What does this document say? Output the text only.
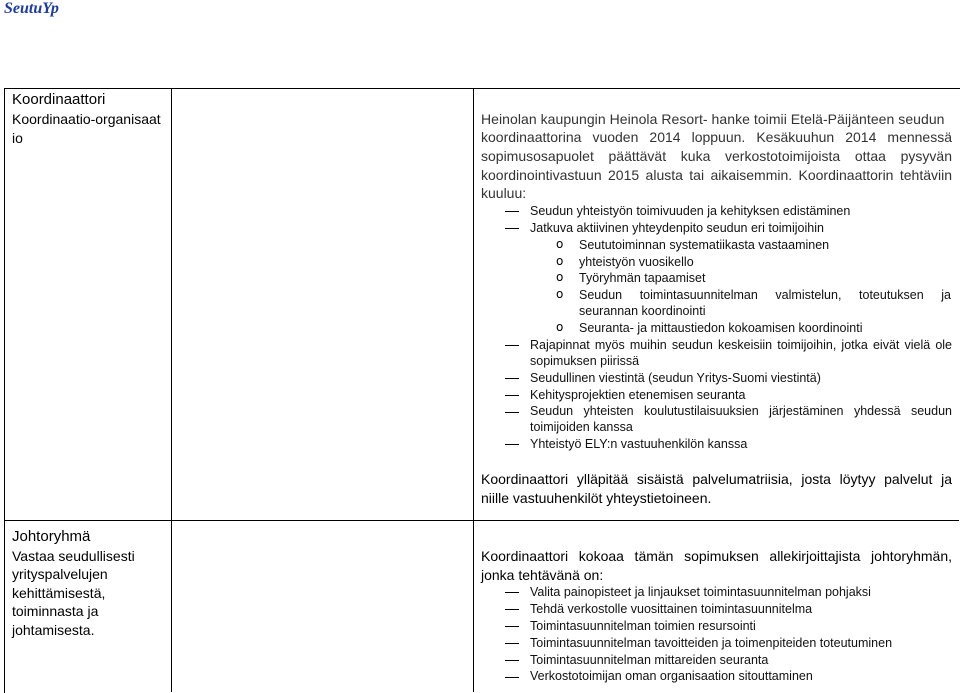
SeutuYp
Koordinaattori
Koordinaatio-organisaat
io
Heinolan kaupungin Heinola Resort- hanke toimii Etelä-Päijänteen seudun
koordinaattorina vuoden 2014 loppuun. Kesäkuuhun 2014 mennessä
sopimusosapuolet päättävät kuka verkostotoimijoista ottaa pysyvän
koordinointivastuun 2015 alusta tai aikaisemmin. Koordinaattorin tehtäviin
kuuluu:
Seudun yhteistyön toimivuuden ja kehityksen edistäminen
Jatkuva aktiivinen yhteydenpito seudun eri toimijoihin
ο Seututoiminnan systematiikasta vastaaminen
ο yhteistyön vuosikello
ο Työryhmän tapaamiset
ο Seudun toimintasuunnitelman valmistelun, toteutuksen ja
seurannan koordinointi
ο Seuranta- ja mittaustiedon kokoamisen koordinointi
Rajapinnat myös muihin seudun keskeisiin toimijoihin, jotka eivät vielä ole
sopimuksen piirissä
Seudullinen viestintä (seudun Yritys-Suomi viestintä)
Kehitysprojektien etenemisen seuranta
Seudun yhteisten koulutustilaisuuksien järjestäminen yhdessä seudun
toimijoiden kanssa
Yhteistyö ELY:n vastuuhenkilön kanssa
Koordinaattori ylläpitää sisäistä palvelumatriisia, josta löytyy palvelut ja
niille vastuuhenkilöt yhteystietoineen.
Johtoryhmä
Vastaa seudullisesti
yrityspalvelujen
kehittämisestä,
toiminnasta ja
johtamisesta.
Koordinaattori kokoaa tämän sopimuksen allekirjoittajista johtoryhmän,
jonka tehtävänä on:
Valita painopisteet ja linjaukset toimintasuunnitelman pohjaksi
Tehdä verkostolle vuosittainen toimintasuunnitelma
Toimintasuunnitelman toimien resursointi
Toimintasuunnitelman tavoitteiden ja toimenpiteiden toteutuminen
Toimintasuunnitelman mittareiden seuranta
Verkostotoimijan oman organisaation sitouttaminen
